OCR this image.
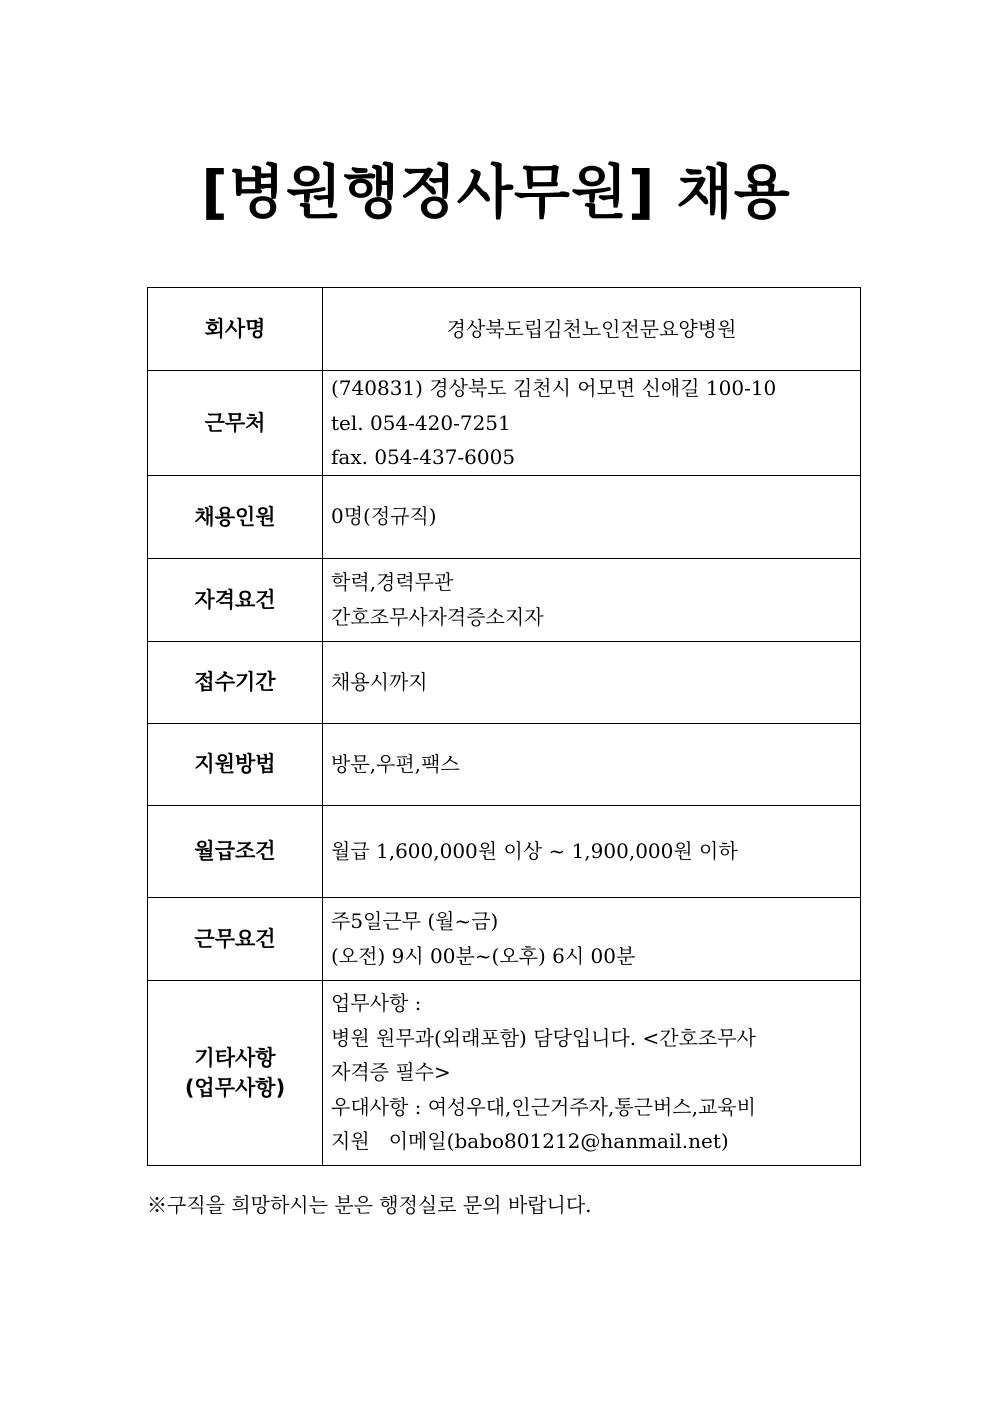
[병원행정사무원] 채용
회사명	경상북도립김천노인전문요양병원

근무처	(740831) 경상북도 김천시 어모면 신애길 100-10
tel. 054-420-7251
fax. 054-437-6005

채용인원	0명(정규직)

자격요건	학력,경력무관
간호조무사자격증소지자

접수기간	채용시까지

지원방법	방문,우편,팩스

월급조건	월급 1,600,000원 이상 ~ 1,900,000원 이하

근무요건	주5일근무 (월~금)
(오전) 9시 00분~(오후) 6시 00분

기타사항
(업무사항)	업무사항 :
병원 원무과(외래포함) 담당입니다. <간호조무사
자격증 필수>
우대사항 : 여성우대,인근거주자,통근버스,교육비
지원   이메일(babo801212@hanmail.net)
※구직을 희망하시는 분은 행정실로 문의 바랍니다.
